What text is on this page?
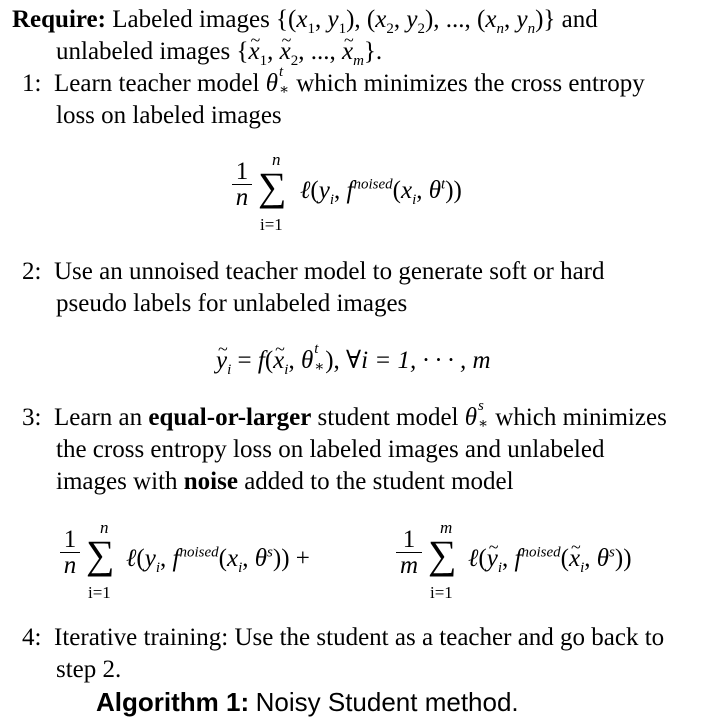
Require: Labeled images {($x_1$, $y_1$), ($x_2$, $y_2$), ..., ($x_n$, $y_n$)} and
unlabeled images {~ $x_1$, ~ $x_2$, ..., ~ $x_m$}.
1: Learn teacher model θ t
∗ which minimizes the cross entropy
loss on labeled images
$\frac{1}{n}$
n
∑
i=1
$\ell(y_i$, $f^{noised}(x_i$, $\theta^t$))
2: Use an unnoised teacher model to generate soft or hard
pseudo labels for unlabeled images
~ $y_i$ = f(~ $x_i$, θ t
∗ ), ∀i = 1, · · · , m
3: Learn an equal-or-larger student model θ s
∗ which minimizes
the cross entropy loss on labeled images and unlabeled
images with noise added to the student model
$\frac{1}{n}$
n
∑
i=1
$\ell(y_i$, $f^{noised}(x_i$, $\theta^s$)) +	$\frac{1}{m}$
m
∑
i=1
ℓ(~ $y_i$, $f^{noised}(\sim$ $x_i$, $\theta^s$))
4: Iterative training: Use the student as a teacher and go back to
step 2.
Algorithm 1: Noisy Student method.
